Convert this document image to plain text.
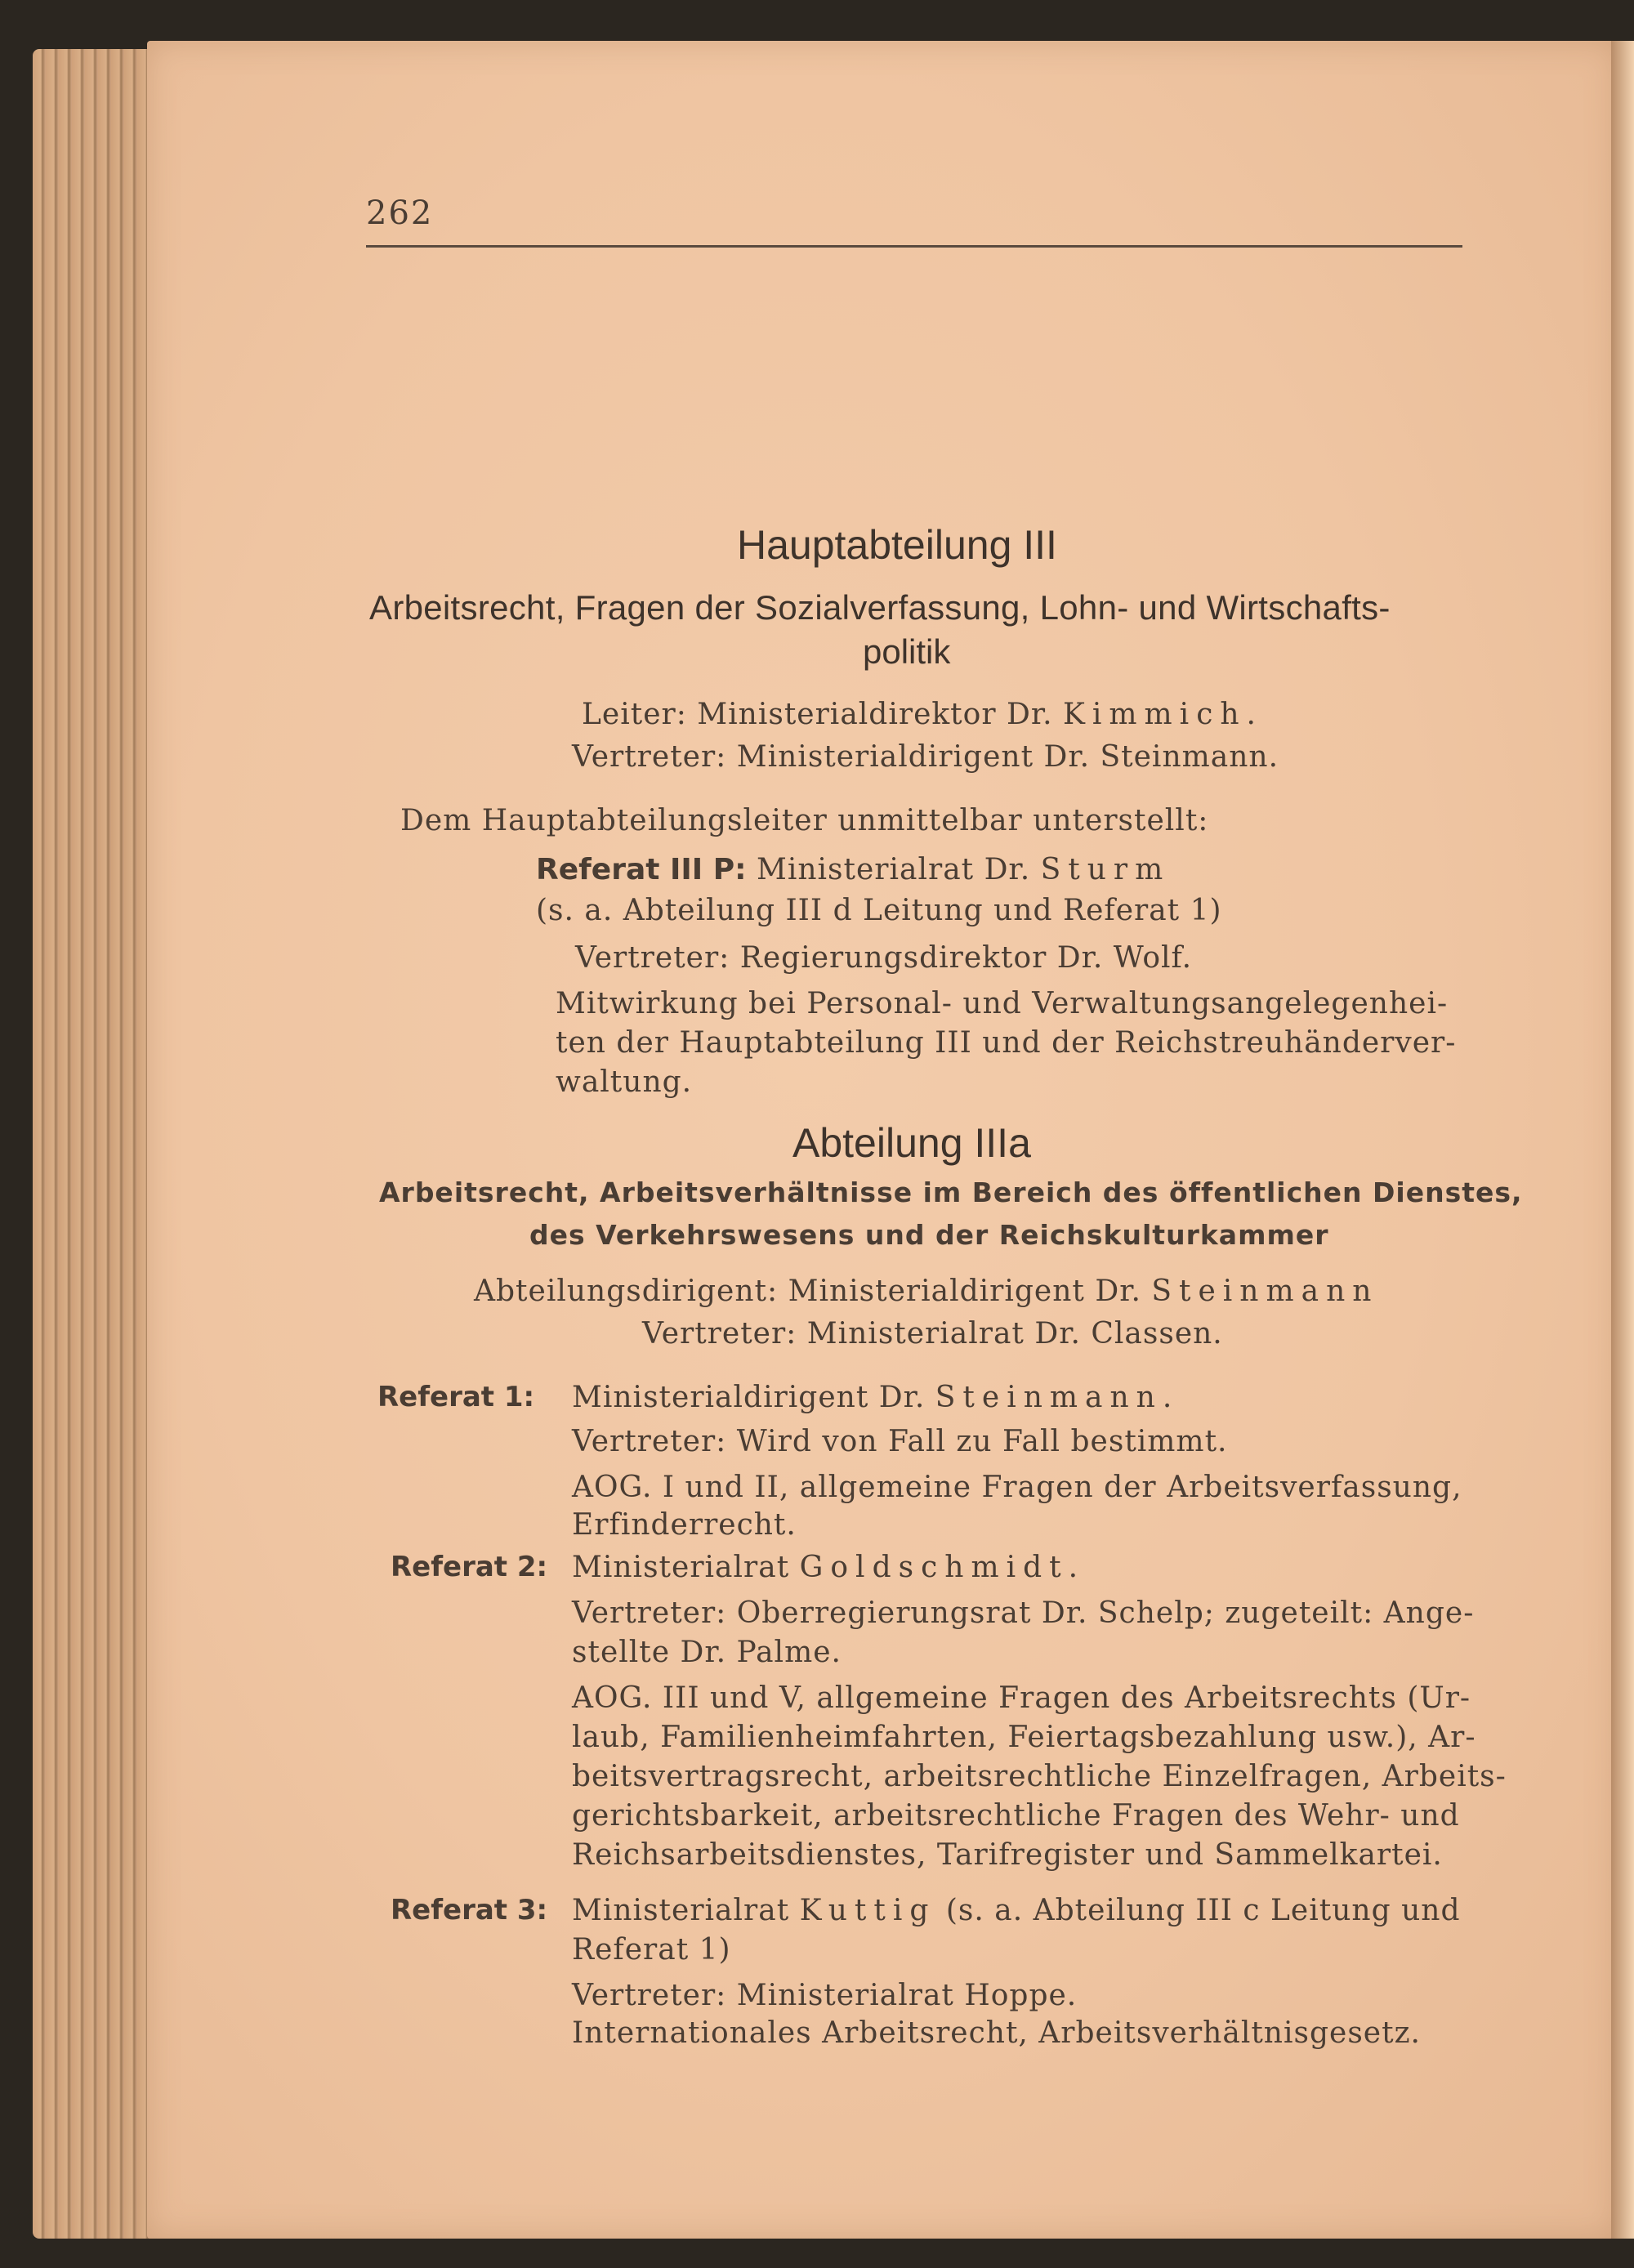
262
Hauptabteilung III
Arbeitsrecht, Fragen der Sozialverfassung, Lohn- und Wirtschafts-
politik
Leiter: Ministerialdirektor Dr. Kimmich.
Vertreter: Ministerialdirigent Dr. Steinmann.
Dem Hauptabteilungsleiter unmittelbar unterstellt:
Referat III P: Ministerialrat Dr. Sturm
(s. a. Abteilung III d Leitung und Referat 1)
Vertreter: Regierungsdirektor Dr. Wolf.
Mitwirkung bei Personal- und Verwaltungsangelegenhei-
ten der Hauptabteilung III und der Reichstreuhänderver-
waltung.
Abteilung IIIa
Arbeitsrecht, Arbeitsverhältnisse im Bereich des öffentlichen Dienstes,
des Verkehrswesens und der Reichskulturkammer
Abteilungsdirigent: Ministerialdirigent Dr. Steinmann
Vertreter: Ministerialrat Dr. Classen.
Referat 1: Ministerialdirigent Dr. Steinmann.
Vertreter: Wird von Fall zu Fall bestimmt.
AOG. I und II, allgemeine Fragen der Arbeitsverfassung,
Erfinderrecht.
Referat 2: Ministerialrat Goldschmidt.
Vertreter: Oberregierungsrat Dr. Schelp; zugeteilt: Ange-
stellte Dr. Palme.
AOG. III und V, allgemeine Fragen des Arbeitsrechts (Ur-
laub, Familienheimfahrten, Feiertagsbezahlung usw.), Ar-
beitsvertragsrecht, arbeitsrechtliche Einzelfragen, Arbeits-
gerichtsbarkeit, arbeitsrechtliche Fragen des Wehr- und
Reichsarbeitsdienstes, Tarifregister und Sammelkartei.
Referat 3: Ministerialrat Kuttig (s. a. Abteilung III c Leitung und
Referat 1)
Vertreter: Ministerialrat Hoppe.
Internationales Arbeitsrecht, Arbeitsverhältnisgesetz.
